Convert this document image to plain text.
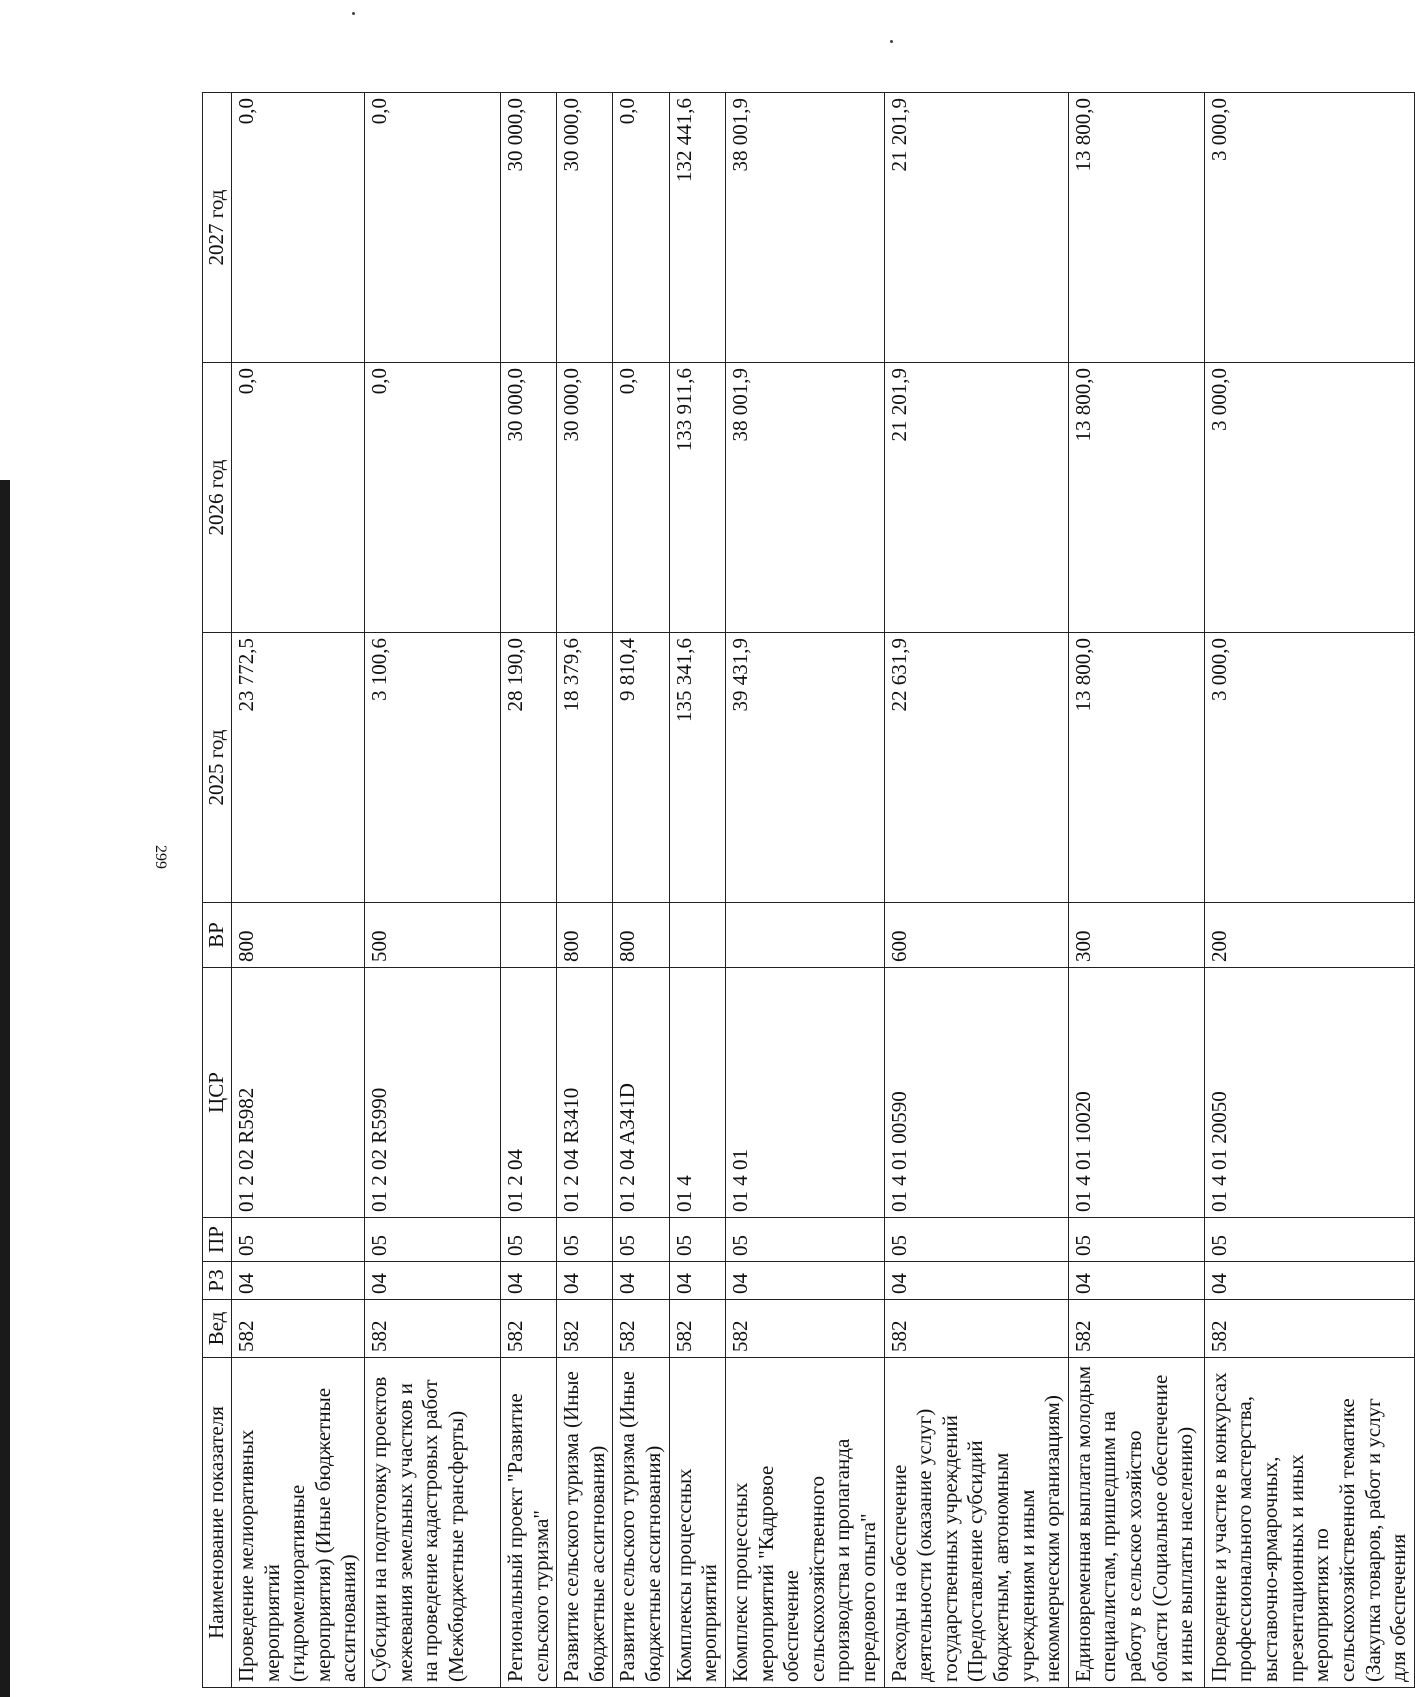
299
Наименование показателя	Вед	РЗ	ПР	ЦСР	ВР	2025 год	2026 год	2027 год
Проведение мелиоративных мероприятий (гидромелиоративные мероприятия) (Иные бюджетные ассигнования)	582	04	05	01 2 02 R5982	800	23 772,5	0,0	0,0
Субсидии на подготовку проектов межевания земельных участков и на проведение кадастровых работ (Межбюджетные трансферты)	582	04	05	01 2 02 R5990	500	3 100,6	0,0	0,0
Региональный проект "Развитие сельского туризма"	582	04	05	01 2 04		28 190,0	30 000,0	30 000,0
Развитие сельского туризма (Иные бюджетные ассигнования)	582	04	05	01 2 04 R3410	800	18 379,6	30 000,0	30 000,0
Развитие сельского туризма (Иные бюджетные ассигнования)	582	04	05	01 2 04 A341D	800	9 810,4	0,0	0,0
Комплексы процессных мероприятий	582	04	05	01 4		135 341,6	133 911,6	132 441,6
Комплекс процессных мероприятий "Кадровое обеспечение сельскохозяйственного производства и пропаганда передового опыта"	582	04	05	01 4 01		39 431,9	38 001,9	38 001,9
Расходы на обеспечение деятельности (оказание услуг) государственных учреждений (Предоставление субсидий бюджетным, автономным учреждениям и иным некоммерческим организациям)	582	04	05	01 4 01 00590	600	22 631,9	21 201,9	21 201,9
Единовременная выплата молодым специалистам, пришедшим на работу в сельское хозяйство области (Социальное обеспечение и иные выплаты населению)	582	04	05	01 4 01 10020	300	13 800,0	13 800,0	13 800,0
Проведение и участие в конкурсах профессионального мастерства, выставочно-ярмарочных, презентационных и иных мероприятиях по сельскохозяйственной тематике (Закупка товаров, работ и услуг для обеспечения	582	04	05	01 4 01 20050	200	3 000,0	3 000,0	3 000,0
